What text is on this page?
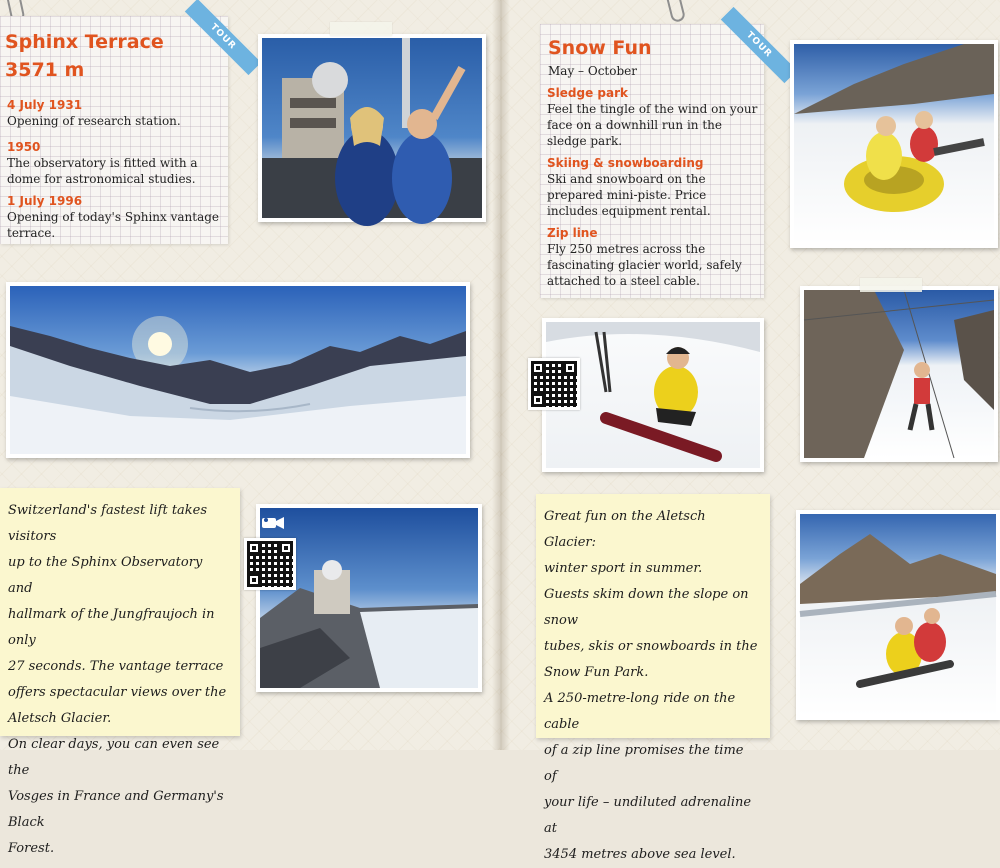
Sphinx Terrace
3571 m
TOUR
4 July 1931
Opening of research station.
1950
The observatory is fitted with a dome for astronomical studies.
1 July 1996
Opening of today's Sphinx vantage terrace.

Switzerland's fastest lift takes visitors

up to the Sphinx Observatory and

hallmark of the Jungfraujoch in only

27 seconds. The vantage terrace

offers spectacular views over the

Aletsch Glacier.

On clear days, you can even see the

Vosges in France and Germany's Black

Forest.

Snow Fun
May – October
TOUR
Sledge park
Feel the tingle of the wind on your face on a downhill run in the sledge park.
Skiing & snowboarding
Ski and snowboard on the prepared mini-piste. Price includes equipment rental.
Zip line
Fly 250 metres across the fascinating glacier world, safely attached to a steel cable.

Great fun on the Aletsch Glacier:

winter sport in summer.

Guests skim down the slope on snow

tubes, skis or snowboards in the

Snow Fun Park.

A 250-metre-long ride on the cable

of a zip line promises the time of

your life – undiluted adrenaline at

3454 metres above sea level.
